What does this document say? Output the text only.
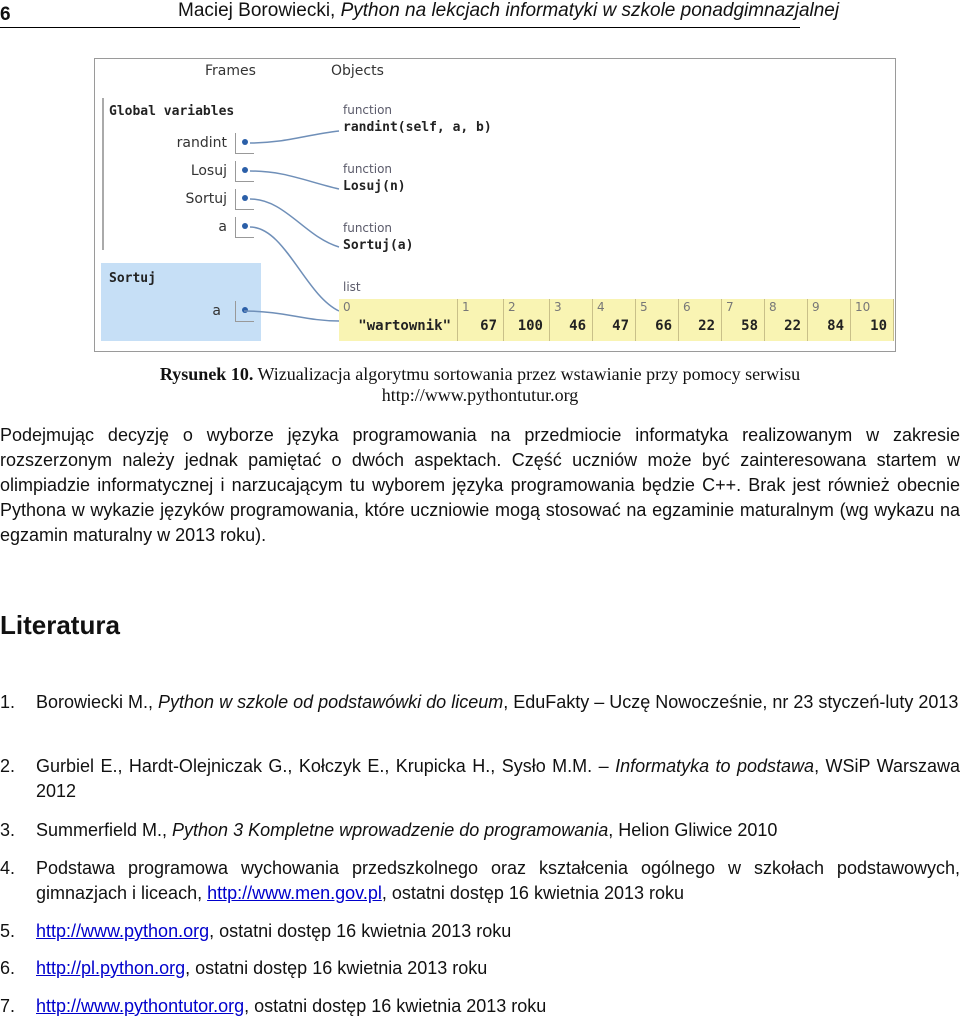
6	Maciej Borowiecki, Python na lekcjach informatyki w szkole ponadgimnazjalnej
Frames	Objects
Global variables
randint
Losuj
Sortuj
a
Sortuj
a
function
randint(self, a, b)
function
Losuj(n)
function
Sortuj(a)
list
0
"wartownik"
1
67
2
100
3
46
4
47
5
66
6
22
7
58
8
22
9
84
10
10
Rysunek 10. Wizualizacja algorytmu sortowania przez wstawianie przy pomocy serwisu
http://www.pythontutur.org
Podejmując decyzję o wyborze języka programowania na przedmiocie informatyka realizowanym w zakresie rozszerzonym należy jednak pamiętać o dwóch aspektach. Część uczniów może być zainteresowana startem w olimpiadzie informatycznej i narzucającym tu wyborem języka programowania będzie C++. Brak jest również obecnie Pythona w wykazie języków programowania, które uczniowie mogą stosować na egzaminie maturalnym (wg wykazu na egzamin maturalny w 2013 roku).
Literatura
1. Borowiecki M., Python w szkole od podstawówki do liceum, EduFakty – Uczę Nowocześnie, nr 23 styczeń-luty 2013
2. Gurbiel E., Hardt-Olejniczak G., Kołczyk E., Krupicka H., Sysło M.M. – Informatyka to podstawa, WSiP Warszawa 2012
3. Summerfield M., Python 3 Kompletne wprowadzenie do programowania, Helion Gliwice 2010
4. Podstawa programowa wychowania przedszkolnego oraz kształcenia ogólnego w szkołach podstawowych, gimnazjach i liceach, http://www.men.gov.pl, ostatni dostęp 16 kwietnia 2013 roku
5. http://www.python.org, ostatni dostęp 16 kwietnia 2013 roku
6. http://pl.python.org, ostatni dostęp 16 kwietnia 2013 roku
7. http://www.pythontutor.org, ostatni dostęp 16 kwietnia 2013 roku
